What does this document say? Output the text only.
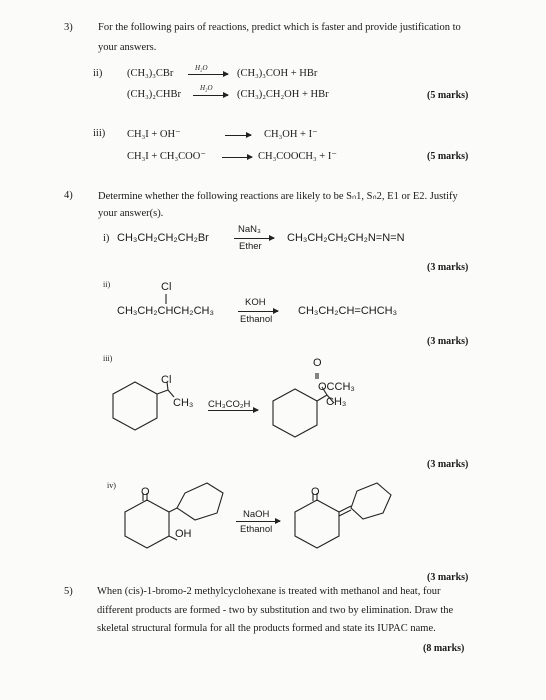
3) For the following pairs of reactions, predict which is faster and provide justification to
your answers.
ii) (CH₃)₃CBr	H₂O → (CH₃)₃COH + HBr
(CH₃)₂CHBr
H₂O
→ (CH₃)₂CH₂OH + HBr	(5 marks)
iii) CH₃I + OH⁻	→ CH₃OH + I⁻
CH₃I + CH₃COO⁻ → CH₃COOCH₃ + I⁻	(5 marks)
4) Determine whether the following reactions are likely to be Sₙ1, Sₙ2, E1 or E2. Justify
your answer(s).
i) CH₃CH₂CH₂CH₂Br
NaN₃
Ether
CH₃CH₂CH₂CH₂N=N=N
(3 marks)
ii)	Cl
CH₃CH₂CHCH₂CH₃
KOH
Ethanol
CH₃CH₂CH=CHCH₃
(3 marks)
iii)
Cl
CH₃ CH₃CO₂H
O
OCCH₃
CH₃
(3 marks)
iv)
O
OH
NaOH
Ethanol
O
(3 marks)
5) When (cis)-1-bromo-2 methylcyclohexane is treated with methanol and heat, four
different products are formed - two by substitution and two by elimination. Draw the
skeletal structural formula for all the products formed and state its IUPAC name.
(8 marks)
